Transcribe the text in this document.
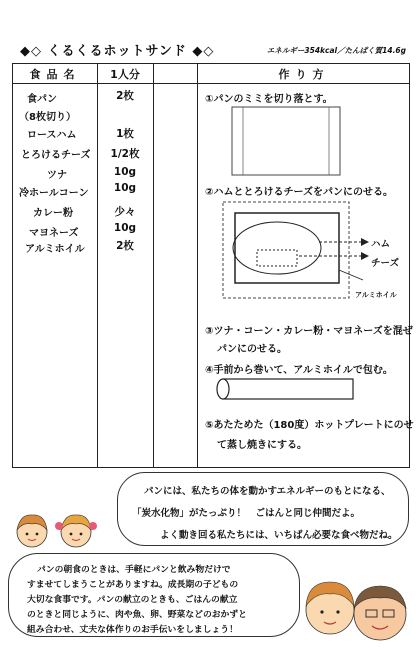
◆◇ くるくるホットサンド ◆◇	エネルギー354kcal／たんぱく質14.6g
食品名	1人分	作り方
食パン	2枚
（8枚切り）
ロースハム	1枚
とろけるチーズ	1/2枚
ツナ	10g
冷ホールコーン	10g
カレー粉	少々
マヨネーズ	10g
アルミホイル	2枚
①パンのミミを切り落とす。
②ハムととろけるチーズをパンにのせる。
ハム
チーズ
アルミホイル
③ツナ・コーン・カレー粉・マヨネーズを混ぜ
パンにのせる。
④手前から巻いて、アルミホイルで包む。
⑤あたためた（180度）ホットプレートにのせ
て蒸し焼きにする。
パンには、私たちの体を動かすエネルギーのもとになる、
「炭水化物」がたっぷり！　ごはんと同じ仲間だよ。
よく動き回る私たちには、いちばん必要な食べ物だね。
パンの朝食のときは、手軽にパンと飲み物だけで
すませてしまうことがありますね。成長期の子どもの
大切な食事です。パンの献立のときも、ごはんの献立
のときと同じように、肉や魚、卵、野菜などのおかずと
組み合わせ、丈夫な体作りのお手伝いをしましょう！
